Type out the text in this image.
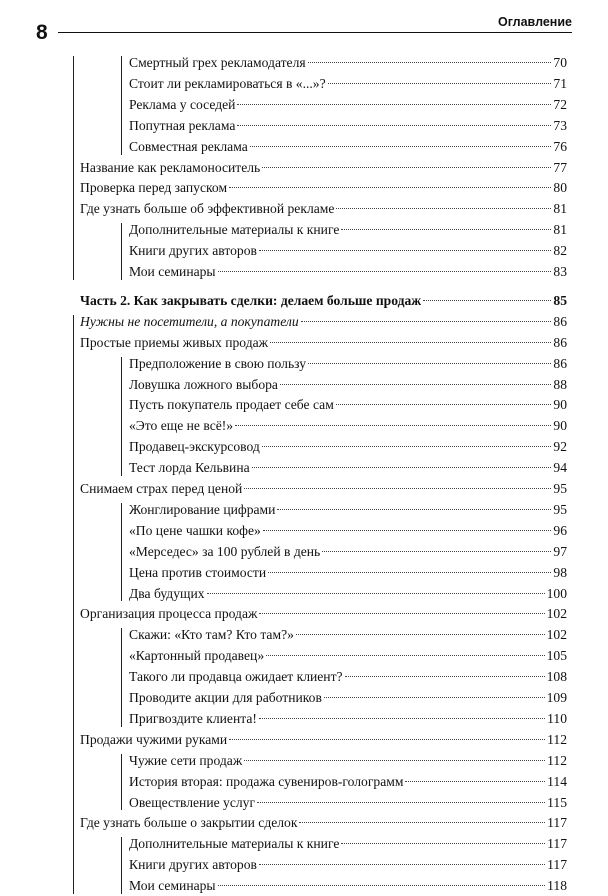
8	Оглавление
Смертный грех рекламодателя	70
Стоит ли рекламироваться в «...»?	71
Реклама у соседей	72
Попутная реклама	73
Совместная реклама	76
Название как рекламоноситель	77
Проверка перед запуском	80
Где узнать больше об эффективной рекламе	81
Дополнительные материалы к книге	81
Книги других авторов	82
Мои семинары	83
Часть 2. Как закрывать сделки: делаем больше продаж	85
Нужны не посетители, а покупатели	86
Простые приемы живых продаж	86
Предположение в свою пользу	86
Ловушка ложного выбора	88
Пусть покупатель продает себе сам	90
«Это еще не всё!»	90
Продавец-экскурсовод	92
Тест лорда Кельвина	94
Снимаем страх перед ценой	95
Жонглирование цифрами	95
«По цене чашки кофе»	96
«Мерседес» за 100 рублей в день	97
Цена против стоимости	98
Два будущих	100
Организация процесса продаж	102
Скажи: «Кто там? Кто там?»	102
«Картонный продавец»	105
Такого ли продавца ожидает клиент?	108
Проводите акции для работников	109
Пригвоздите клиента!	110
Продажи чужими руками	112
Чужие сети продаж	112
История вторая: продажа сувениров-голограмм	114
Овеществление услуг	115
Где узнать больше о закрытии сделок	117
Дополнительные материалы к книге	117
Книги других авторов	117
Мои семинары	118
